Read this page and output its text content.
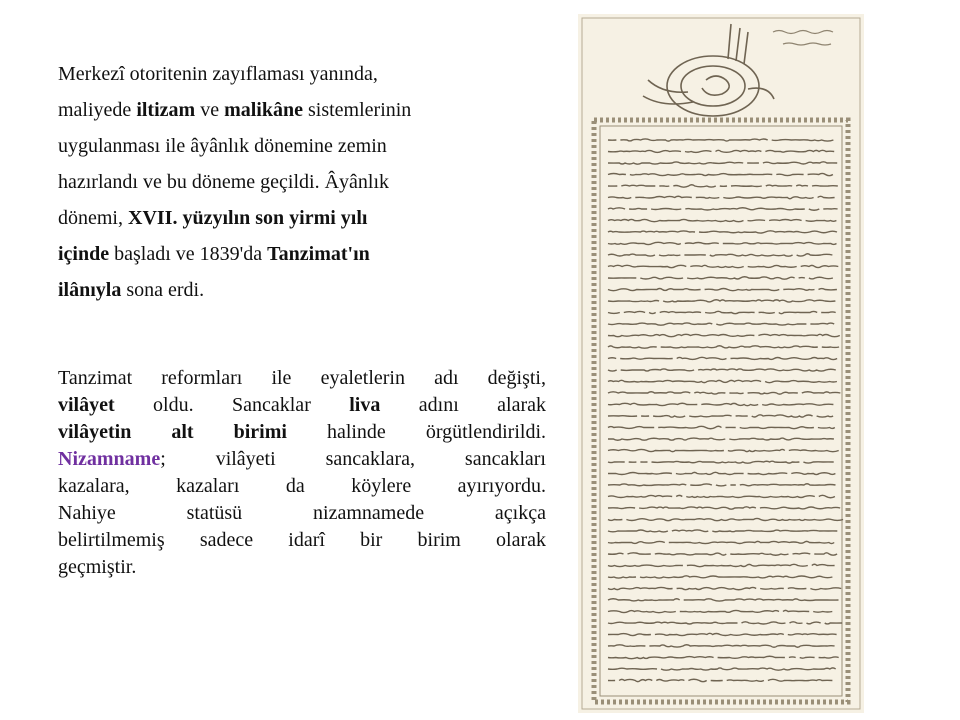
Merkezî otoritenin zayıflaması yanında,
maliyede iltizam ve malikâne sistemlerinin
uygulanması ile âyânlık dönemine zemin
hazırlandı ve bu döneme geçildi. Âyânlık
dönemi, XVII. yüzyılın son yirmi yılı
içinde başladı ve 1839'da Tanzimat'ın
ilânıyla sona erdi.
Tanzimat reformları ile eyaletlerin adı değişti,
vilâyet oldu. Sancaklar liva adını alarak
vilâyetin alt birimi halinde örgütlendirildi.
Nizamname; vilâyeti sancaklara, sancakları
kazalara, kazaları da köylere ayırıyordu.
Nahiye statüsü nizamnamede açıkça
belirtilmemiş sadece idarî bir birim olarak
geçmiştir.
